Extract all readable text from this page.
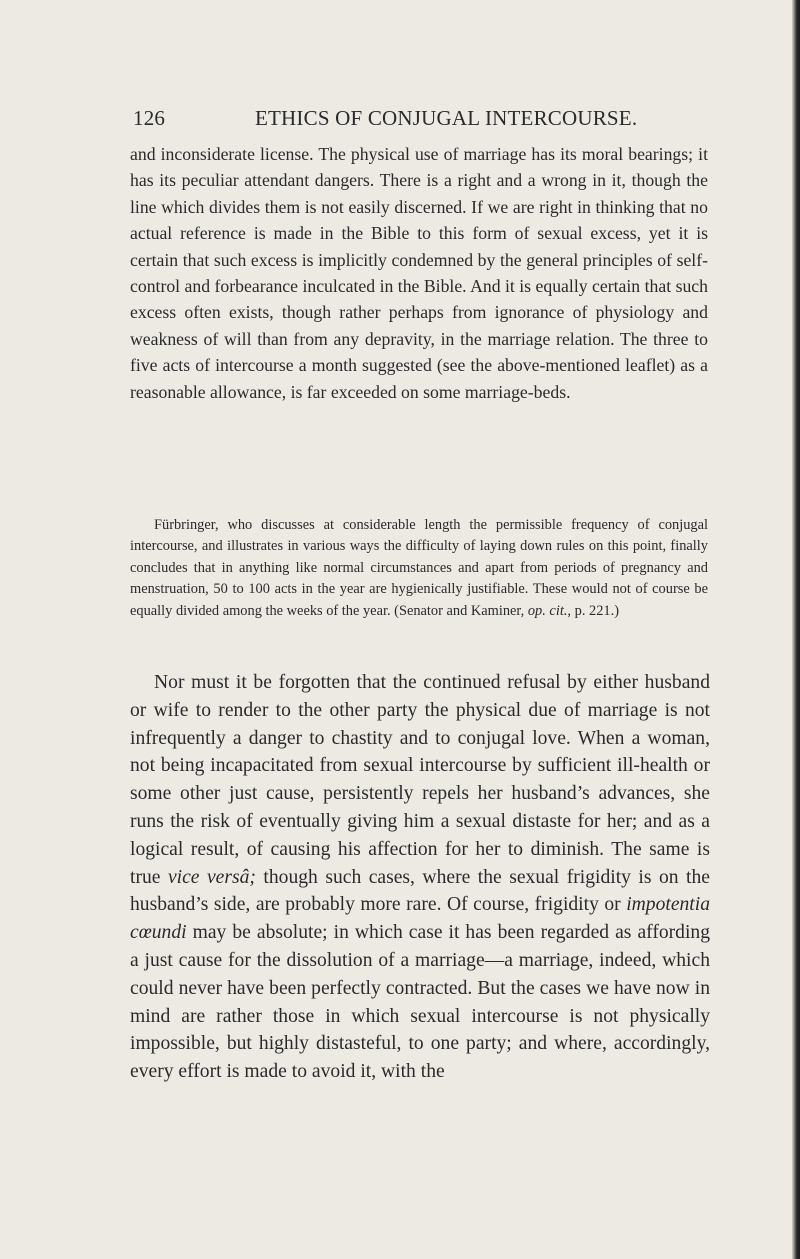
126	ETHICS OF CONJUGAL INTERCOURSE.

and inconsiderate license. The physical use of marriage has its moral bearings; it has its peculiar attendant dangers. There is a right and a wrong in it, though the line which divides them is not easily discerned. If we are right in thinking that no actual reference is made in the Bible to this form of sexual excess, yet it is certain that such excess is implicitly condemned by the general principles of self-control and forbearance inculcated in the Bible. And it is equally certain that such excess often exists, though rather perhaps from ignorance of physiology and weakness of will than from any depravity, in the marriage relation. The three to five acts of intercourse a month suggested (see the above-mentioned leaflet) as a reasonable allowance, is far exceeded on some marriage-beds.

Fürbringer, who discusses at considerable length the permissible frequency of conjugal intercourse, and illustrates in various ways the difficulty of laying down rules on this point, finally concludes that in anything like normal circumstances and apart from periods of pregnancy and menstruation, 50 to 100 acts in the year are hygienically justifiable. These would not of course be equally divided among the weeks of the year. (Senator and Kaminer, op. cit., p. 221.)

Nor must it be forgotten that the continued refusal by either husband or wife to render to the other party the physical due of marriage is not infrequently a danger to chastity and to conjugal love. When a woman, not being incapacitated from sexual intercourse by sufficient ill-health or some other just cause, persistently repels her husband’s advances, she runs the risk of eventually giving him a sexual distaste for her; and as a logical result, of causing his affection for her to diminish. The same is true vice versâ; though such cases, where the sexual frigidity is on the husband’s side, are probably more rare. Of course, frigidity or impotentia cœundi may be absolute; in which case it has been regarded as affording a just cause for the dissolution of a marriage—a marriage, indeed, which could never have been perfectly contracted. But the cases we have now in mind are rather those in which sexual intercourse is not physically impossible, but highly distasteful, to one party; and where, accordingly, every effort is made to avoid it, with the
